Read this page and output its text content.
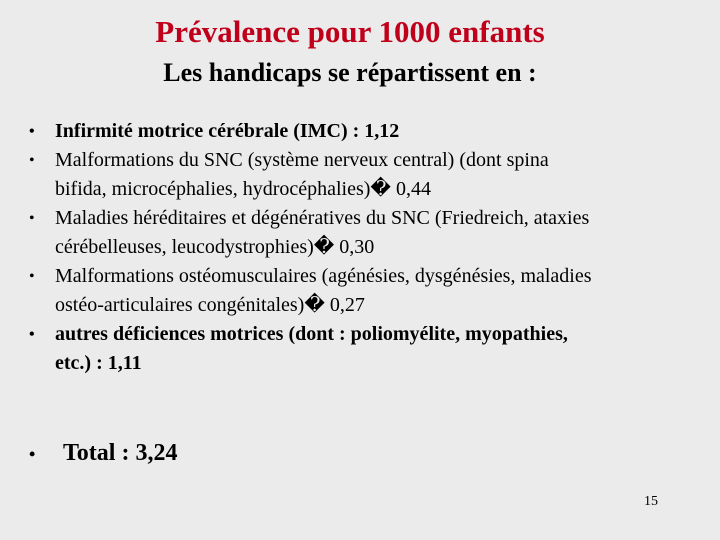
Prévalence pour 1000 enfants
Les handicaps se répartissent en :
• Infirmité motrice cérébrale (IMC) : 1,12
• Malformations du SNC (système nerveux central) (dont spina
bifida, microcéphalies, hydrocéphalies)� 0,44
• Maladies héréditaires et dégénératives du SNC (Friedreich, ataxies
cérébelleuses, leucodystrophies)� 0,30
• Malformations ostéomusculaires (agénésies, dysgénésies, maladies
ostéo-articulaires congénitales)� 0,27
• autres déficiences motrices (dont : poliomyélite, myopathies,
etc.) : 1,11
• Total : 3,24
15
